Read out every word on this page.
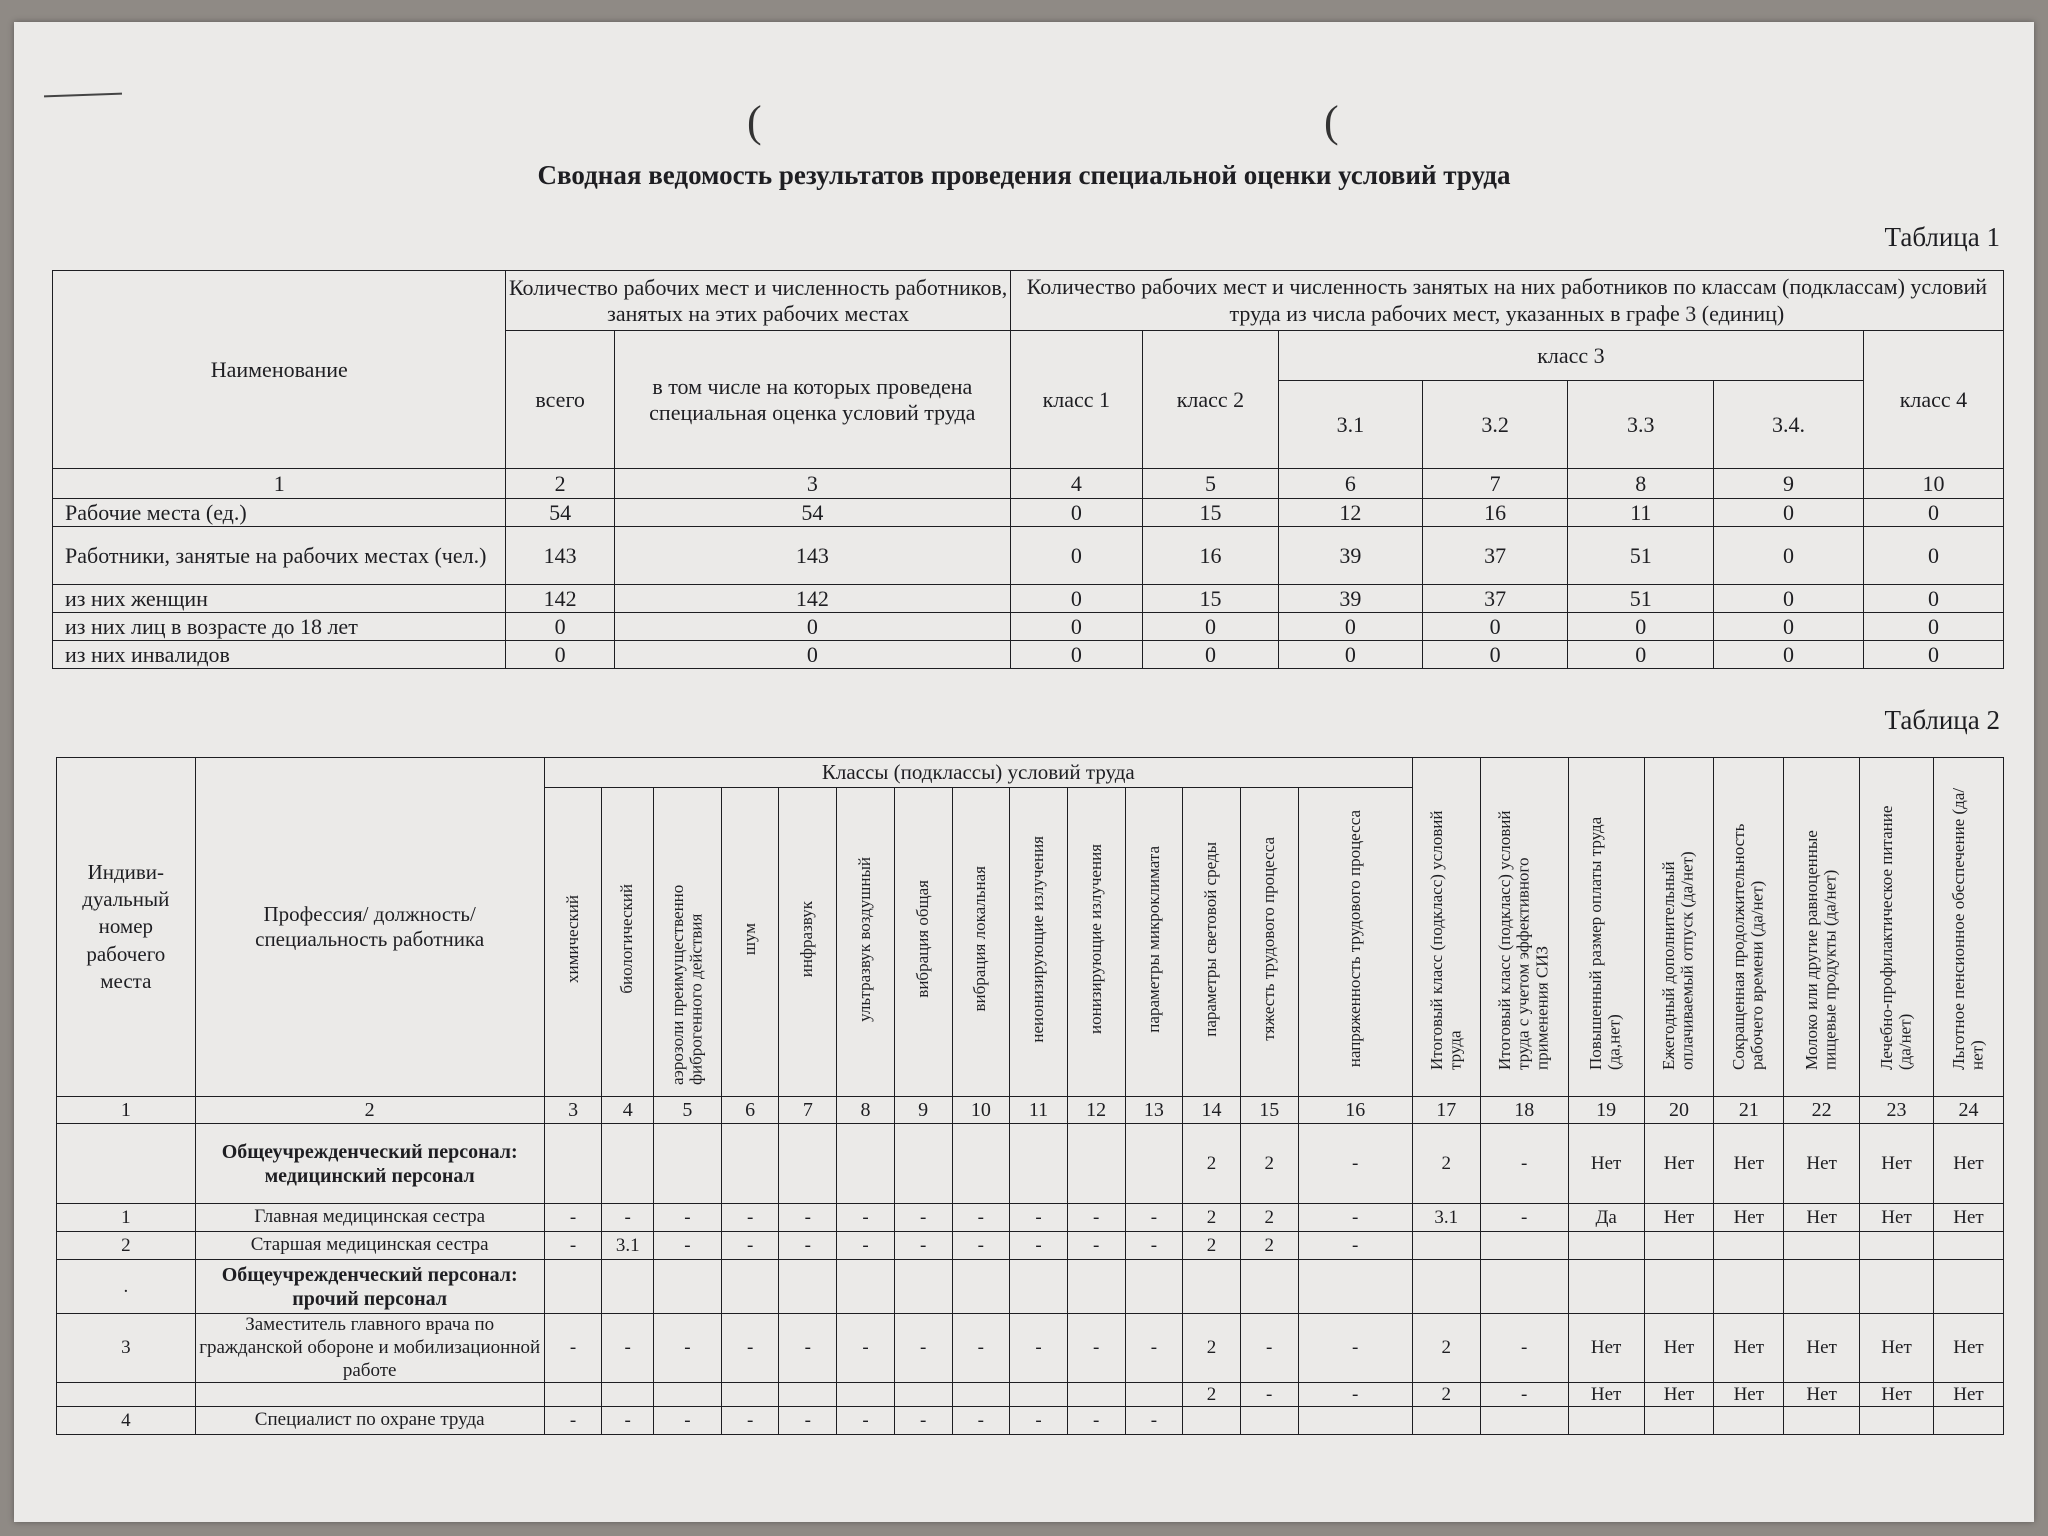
(	(
Сводная ведомость результатов проведения специальной оценки условий труда
Таблица 1
Наименование	Количество рабочих мест и численность работников, занятых на этих рабочих местах		Количество рабочих мест и численность занятых на них работников по классам (подклассам) условий труда из числа рабочих мест, указанных в графе 3 (единиц)						
	всего	в том числе на которых проведена специальная оценка условий труда	класс 1	класс 2	класс 3				класс 4
					3.1	3.2	3.3	3.4.	
1	2	3	4	5	6	7	8	9	10
Рабочие места (ед.)	54	54	0	15	12	16	11	0	0
Работники, занятые на рабочих местах (чел.)	143	143	0	16	39	37	51	0	0
из них женщин	142	142	0	15	39	37	51	0	0
из них лиц в возрасте до 18 лет	0	0	0	0	0	0	0	0	0
из них инвалидов	0	0	0	0	0	0	0	0	0
Таблица 2
Индиви-дуальный номер рабочего места	Профессия/ должность/ специальность работника	Классы (подклассы) условий труда														Итоговый класс (подкласс) условий труда	Итоговый класс (подкласс) условий труда с учетом эффективного применения СИЗ	Повышенный размер оплаты труда (да,нет)	Ежегодный дополнительный оплачиваемый отпуск (да/нет)	Сокращенная продолжительность рабочего времени (да/нет)	Молоко или другие равноценные пищевые продукты (да/нет)	Лечебно-профилактическое питание (да/нет)	Льготное пенсионное обеспечение (да/нет)
		химический	биологический	аэрозоли преимущественно фиброгенного действия	шум	инфразвук	ультразвук воздушный	вибрация общая	вибрация локальная	неионизирующие излучения	ионизирующие излучения	параметры микроклимата	параметры световой среды	тяжесть трудового процесса	напряженность трудового процесса								
1	2	3	4	5	6	7	8	9	10	11	12	13	14	15	16	17	18	19	20	21	22	23	24
	Общеучрежденческий персонал: медицинский персонал												2	2	-	2	-	Нет	Нет	Нет	Нет	Нет	Нет
1	Главная медицинская сестра	-	-	-	-	-	-	-	-	-	-	-	2	2	-	3.1	-	Да	Нет	Нет	Нет	Нет	Нет
2	Старшая медицинская сестра	-	3.1	-	-	-	-	-	-	-	-	-	2	2	-								
.	Общеучрежденческий персонал: прочий персонал																						
3	Заместитель главного врача по гражданской обороне и мобилизационной работе	-	-	-	-	-	-	-	-	-	-	-	2	-	-	2	-	Нет	Нет	Нет	Нет	Нет	Нет
													2	-	-	2	-	Нет	Нет	Нет	Нет	Нет	Нет
4	Специалист по охране труда	-	-	-	-	-	-	-	-	-	-	-											
